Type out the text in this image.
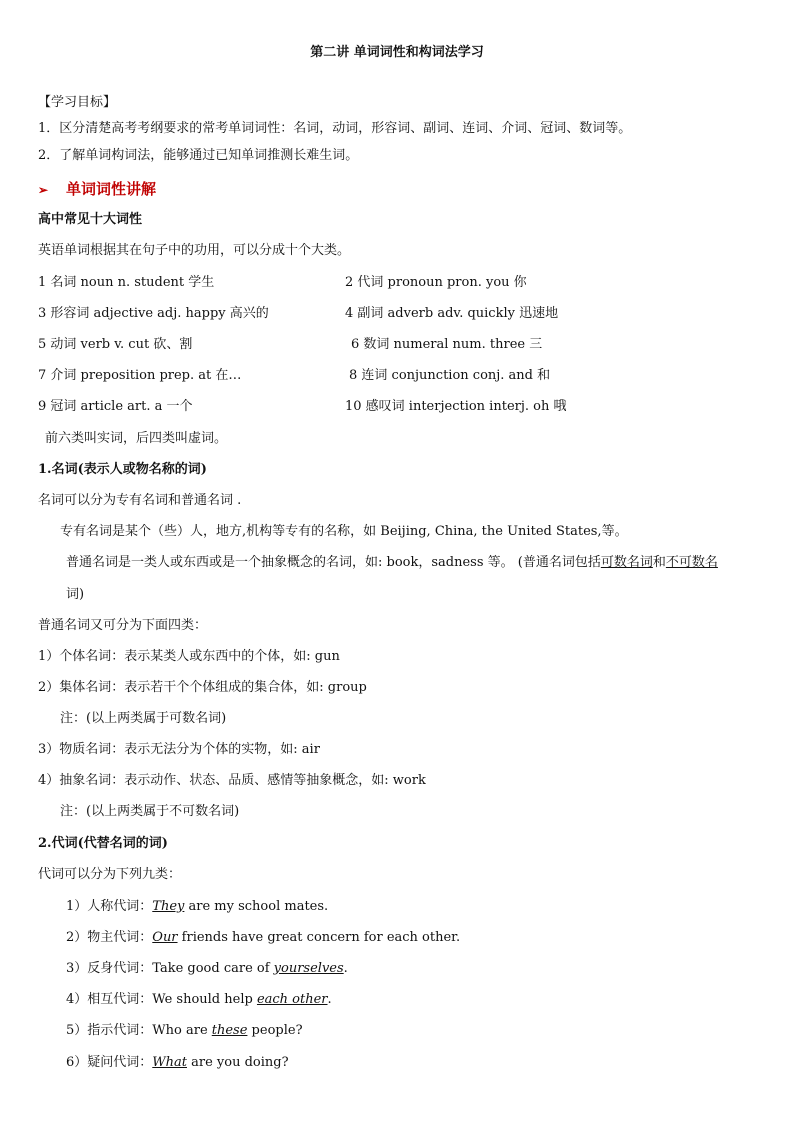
第二讲 单词词性和构词法学习
【学习目标】
1．区分清楚高考考纲要求的常考单词词性：名词，动词，形容词、副词、连词、介词、冠词、数词等。
2．了解单词构词法，能够通过已知单词推测长难生词。
➢ 单词词性讲解
高中常见十大词性
英语单词根据其在句子中的功用，可以分成十个大类。
1 名词 noun n. student 学生	2 代词 pronoun pron. you 你
3 形容词 adjective adj. happy 高兴的	4 副词 adverb adv. quickly 迅速地
5 动词 verb v. cut 砍、割	6 数词 numeral num. three 三
7 介词 preposition prep. at 在…	8 连词 conjunction conj. and 和
9 冠词 article art. a 一个	10 感叹词 interjection interj. oh 哦
前六类叫实词，后四类叫虚词。
1.名词(表示人或物名称的词)
名词可以分为专有名词和普通名词 .
专有名词是某个（些）人，地方,机构等专有的名称，如 Beijing, China, the United States,等。
普通名词是一类人或东西或是一个抽象概念的名词，如: book，sadness 等。 (普通名词包括可数名词和不可数名
词)
普通名词又可分为下面四类：
1）个体名词：表示某类人或东西中的个体，如: gun
2）集体名词：表示若干个个体组成的集合体，如: group
注：(以上两类属于可数名词)
3）物质名词：表示无法分为个体的实物，如: air
4）抽象名词：表示动作、状态、品质、感情等抽象概念，如: work
注：(以上两类属于不可数名词)
2.代词(代替名词的词)
代词可以分为下列九类：
1）人称代词：They are my school mates.
2）物主代词：Our friends have great concern for each other.
3）反身代词：Take good care of yourselves.
4）相互代词：We should help each other.
5）指示代词：Who are these people?
6）疑问代词：What are you doing?
